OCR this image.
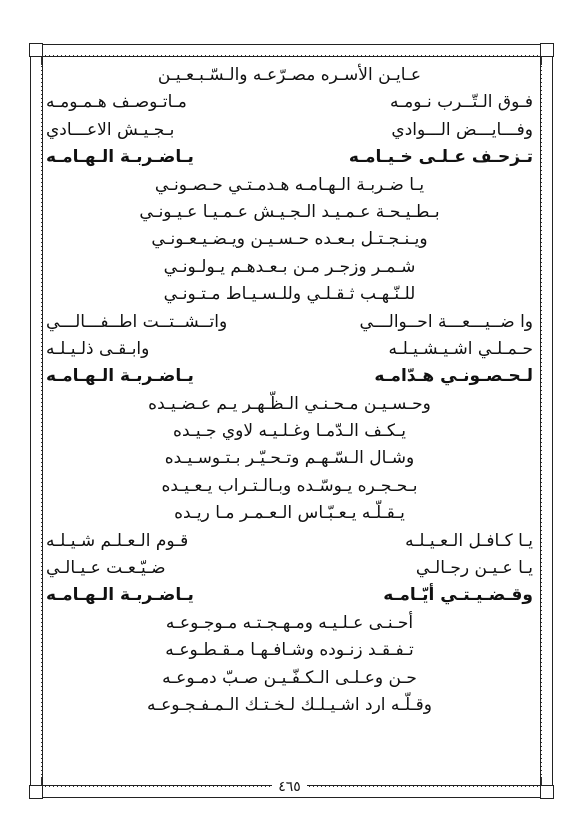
عـايـن الأسـره مصـرّعـه والـسّـبـعـيـن
فـوق الـتّــرب نـومـه
مـاتـوصـف هـمـومـه
وفـــايـــض الـــوادي
بـجـيـش الاعـــادي
تـزحـف عـلـى خـيـامـه
يـاضـربـة الـهـامـه
يـا ضـربـة الـهـامـه هـدمـتـي حـصـونـي
بـطـيـحـة عـمـيـد الـجـيـش عـمـيـا عـيـونـي
ويـنـجـتـل بـعـده حـسـيـن ويـضـيـعـونـي
شـمـر وزجـر مـن بـعـدهـم يـولـونـي
للـنّـهـب ثـقـلـي وللـسـيـاط مـتـونـي
وا ضــيـــعـــة احــوالـــي
واتــشــتــت اطــفـــالـــي
حـمـلـي اشـيـشـيـلـه
وابـقـى ذلـيـلـه
لـحـصـونـي هـدّامـه
يـاضـربـة الـهـامـه
وحـسـيـن مـحـنـي الـظّـهـر يـم عـضـيـده
يـكـف الـدّمـا وغـلـيـه لاوي جـيـده
وشـال الـسّـهـم وتـحـيّـر بـتـوسـيـده
بـحـجـره يـوسّـده وبـالـتـراب يـعـيـده
يـقـلّـه يـعـبّـاس الـعـمـر مـا ريـده
يـا كـافـل الـعـيـلـه
قـوم الـعـلـم شـيـلـه
يـا عـيـن رجـالـي
ضـيّـعـت عـيـالـي
وقـضـيـتـي أيّـامـه
يـاضـربـة الـهـامـه
أحـنـى عـلـيـه ومـهـجـتـه مـوجـوعـه
تـفـقـد زنـوده وشـافـهـا مـقـطـوعـه
حـن وعـلـى الـكـفّـيـن صـبّ دمـوعـه
وقـلّـه ارد اشـيـلـك لـخـتـك الـمـفـجـوعـه
٤٦٥
